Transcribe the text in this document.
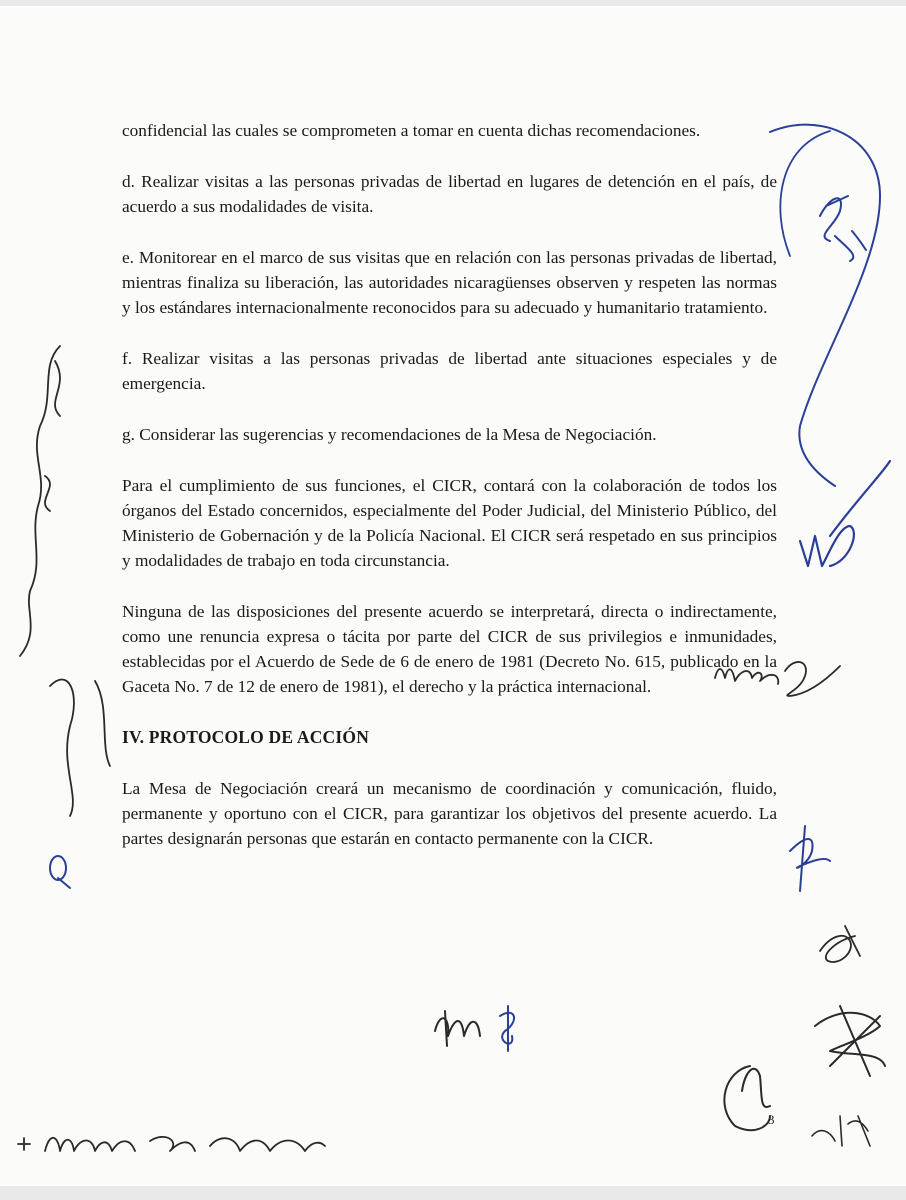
confidencial las cuales se comprometen a tomar en cuenta dichas recomendaciones.

d. Realizar visitas a las personas privadas de libertad en lugares de detención en el país, de acuerdo a sus modalidades de visita.

e. Monitorear en el marco de sus visitas que en relación con las personas privadas de libertad, mientras finaliza su liberación, las autoridades nicaragüenses observen y respeten las normas y los estándares internacionalmente reconocidos para su adecuado y humanitario tratamiento.

f. Realizar visitas a las personas privadas de libertad ante situaciones especiales y de emergencia.

g. Considerar las sugerencias y recomendaciones de la Mesa de Negociación.

Para el cumplimiento de sus funciones, el CICR, contará con la colaboración de todos los órganos del Estado concernidos, especialmente del Poder Judicial, del Ministerio Público, del Ministerio de Gobernación y de la Policía Nacional. El CICR será respetado en sus principios y modalidades de trabajo en toda circunstancia.

Ninguna de las disposiciones del presente acuerdo se interpretará, directa o indirectamente, como une renuncia expresa o tácita por parte del CICR de sus privilegios e inmunidades, establecidas por el Acuerdo de Sede de 6 de enero de 1981 (Decreto No. 615, publicado en la Gaceta No. 7 de 12 de enero de 1981), el derecho y la práctica internacional.

IV. PROTOCOLO DE ACCIÓN

La Mesa de Negociación creará un mecanismo de coordinación y comunicación, fluido, permanente y oportuno con el CICR, para garantizar los objetivos del presente acuerdo. La partes designarán personas que estarán en contacto permanente con la CICR.

3
